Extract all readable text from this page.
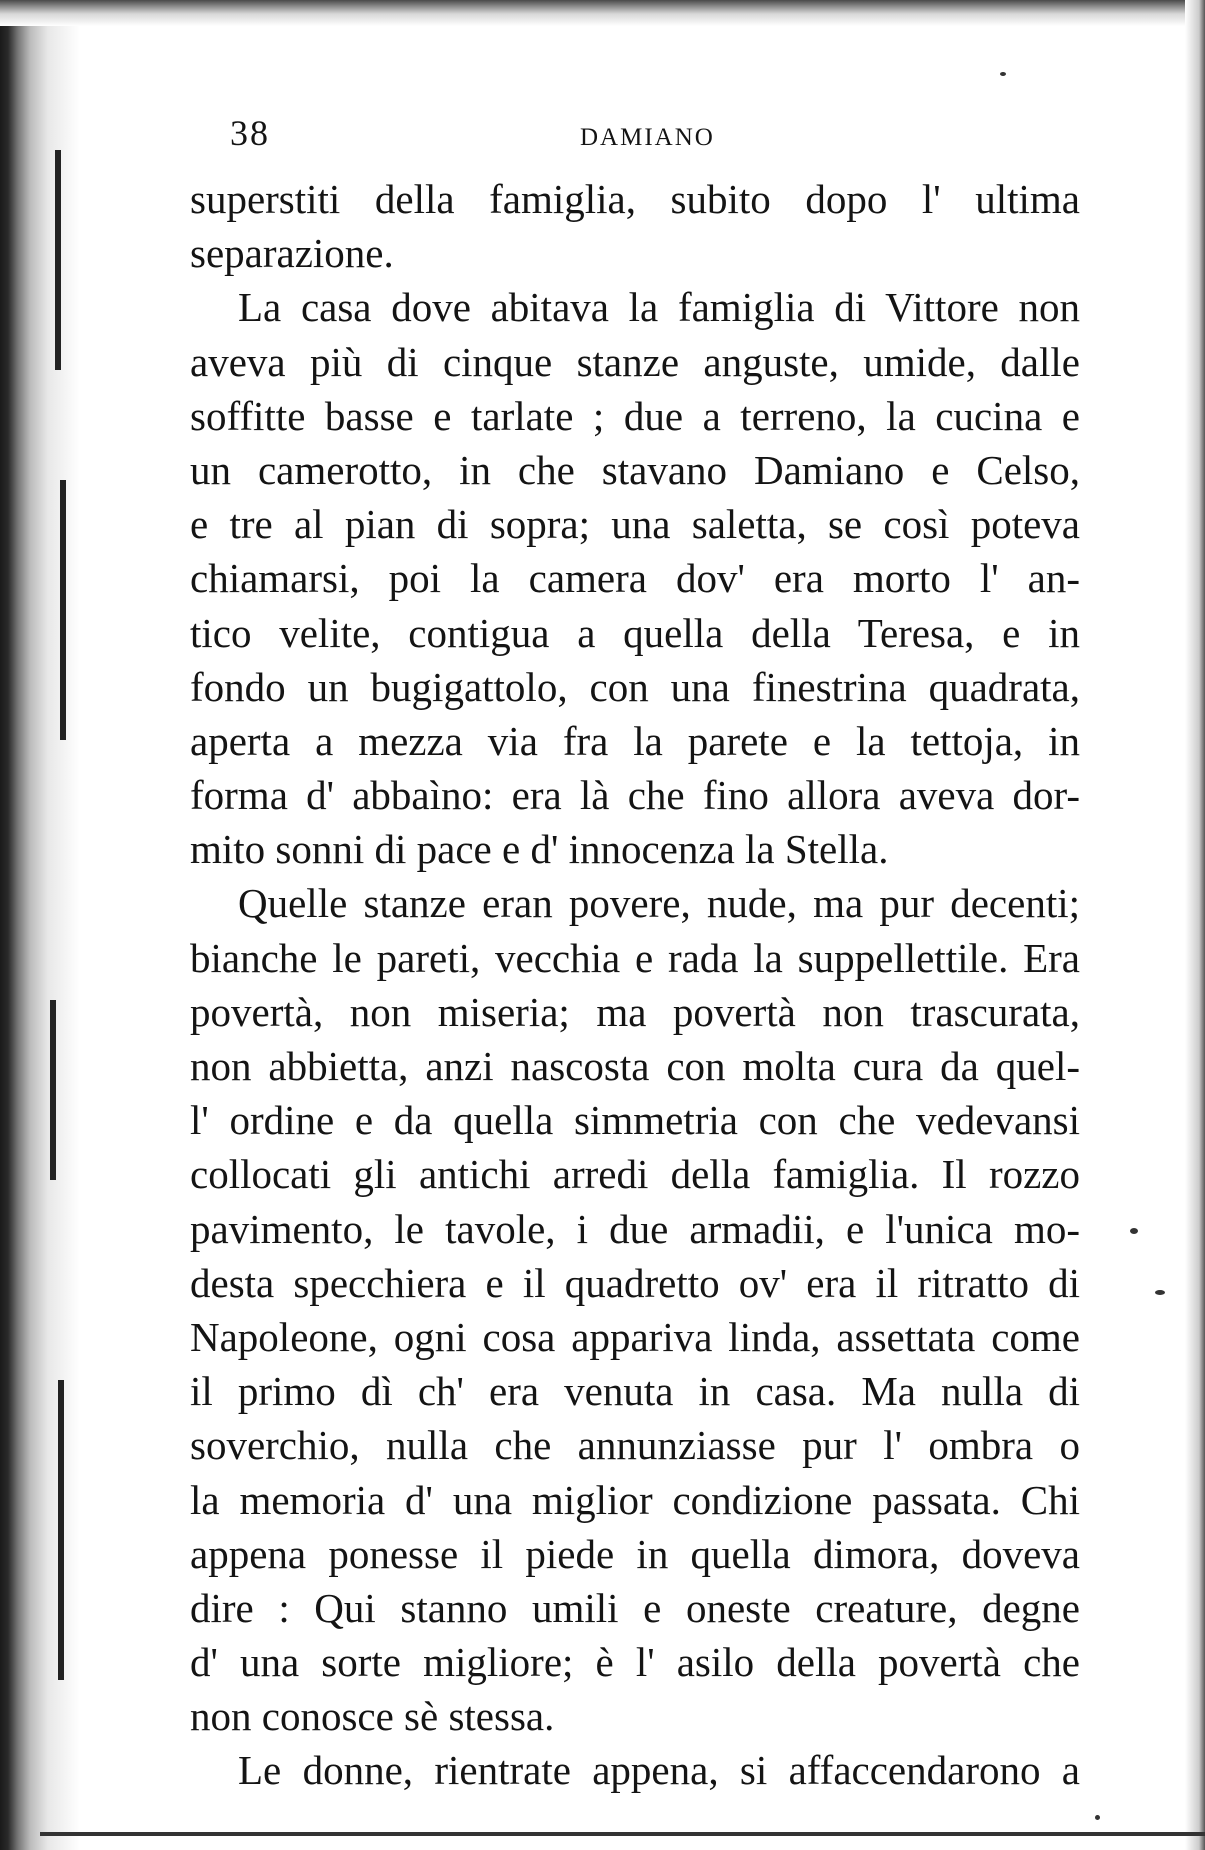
38	DAMIANO
superstiti della famiglia, subito dopo l' ultima
separazione.
La casa dove abitava la famiglia di Vittore non
aveva più di cinque stanze anguste, umide, dalle
soffitte basse e tarlate ; due a terreno, la cucina e
un camerotto, in che stavano Damiano e Celso,
e tre al pian di sopra; una saletta, se così poteva
chiamarsi, poi la camera dov' era morto l' an-
tico velite, contigua a quella della Teresa, e in
fondo un bugigattolo, con una finestrina quadrata,
aperta a mezza via fra la parete e la tettoja, in
forma d' abbaìno: era là che fino allora aveva dor-
mito sonni di pace e d' innocenza la Stella.
Quelle stanze eran povere, nude, ma pur decenti;
bianche le pareti, vecchia e rada la suppellettile. Era
povertà, non miseria; ma povertà non trascurata,
non abbietta, anzi nascosta con molta cura da quel-
l' ordine e da quella simmetria con che vedevansi
collocati gli antichi arredi della famiglia. Il rozzo
pavimento, le tavole, i due armadii, e l'unica mo-
desta specchiera e il quadretto ov' era il ritratto di
Napoleone, ogni cosa appariva linda, assettata come
il primo dì ch' era venuta in casa. Ma nulla di
soverchio, nulla che annunziasse pur l' ombra o
la memoria d' una miglior condizione passata. Chi
appena ponesse il piede in quella dimora, doveva
dire : Qui stanno umili e oneste creature, degne
d' una sorte migliore; è l' asilo della povertà che
non conosce sè stessa.
Le donne, rientrate appena, si affaccendarono a
